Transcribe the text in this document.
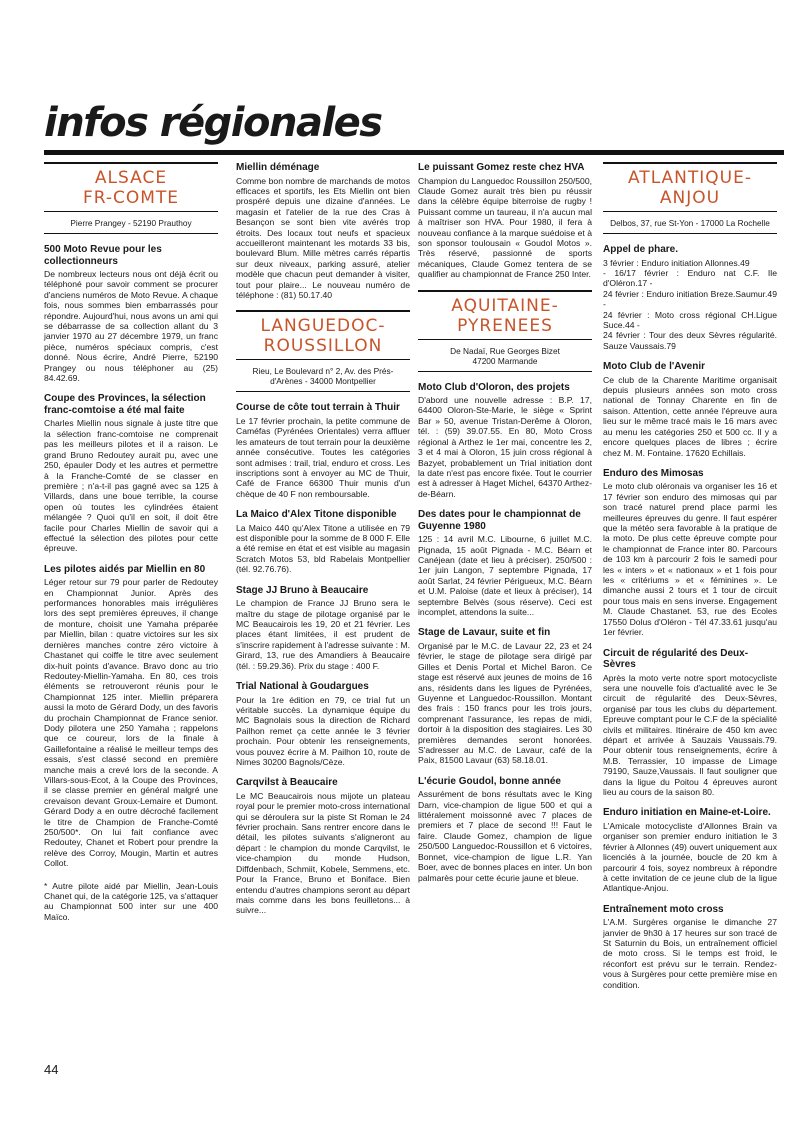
infos régionales
ALSACE
FR-COMTE
Pierre Prangey - 52190 Prauthoy
500 Moto Revue pour les collectionneurs
De nombreux lecteurs nous ont déjà écrit ou téléphoné pour savoir comment se procurer d'anciens numéros de Moto Revue. A chaque fois, nous sommes bien embarrassés pour répondre. Aujourd'hui, nous avons un ami qui se débarrasse de sa collection allant du 3 janvier 1970 au 27 décembre 1979, un franc pièce, numéros spéciaux compris, c'est donné. Nous écrire, André Pierre, 52190 Prangey ou nous téléphoner au (25) 84.42.69.
Coupe des Provinces, la sélection franc-comtoise a été mal faite
Charles Miellin nous signale à juste titre que la sélection franc-comtoise ne comprenait pas les meilleurs pilotes et il a raison. Le grand Bruno Redoutey aurait pu, avec une 250, épauler Dody et les autres et permettre à la Franche-Comté de se classer en première ; n'a-t-il pas gagné avec sa 125 à Villards, dans une boue terrible, la course open où toutes les cylindrées étaient mélangée ? Quoi qu'il en soit, il doit être facile pour Charles Miellin de savoir qui a effectué la sélection des pilotes pour cette épreuve.
Les pilotes aidés par Miellin en 80
Léger retour sur 79 pour parler de Redoutey en Championnat Junior. Après des performances honorables mais irrégulières lors des sept premières épreuves, il change de monture, choisit une Yamaha préparée par Miellin, bilan : quatre victoires sur les six dernières manches contre zéro victoire à Chastanet qui coiffe le titre avec seulement dix-huit points d'avance. Bravo donc au trio Redoutey-Miellin-Yamaha. En 80, ces trois éléments se retrouveront réunis pour le Championnat 125 inter. Miellin préparera aussi la moto de Gérard Dody, un des favoris du prochain Championnat de France senior. Dody pilotera une 250 Yamaha ; rappelons que ce coureur, lors de la finale à Gaillefontaine a réalisé le meilleur temps des essais, s'est classé second en première manche mais a crevé lors de la seconde. A Villars-sous-Ecot, à la Coupe des Provinces, il se classe premier en général malgré une crevaison devant Groux-Lemaire et Dumont. Gérard Dody a en outre décroché facilement le titre de Champion de Franche-Comté 250/500*. On lui fait confiance avec Redoutey, Chanet et Robert pour prendre la relève des Corroy, Mougin, Martin et autres Collot.
* Autre pilote aidé par Miellin, Jean-Louis Chanet qui, de la catégorie 125, va s'attaquer au Championnat 500 inter sur une 400 Maïco.
Miellin déménage
Comme bon nombre de marchands de motos efficaces et sportifs, les Ets Miellin ont bien prospéré depuis une dizaine d'années. Le magasin et l'atelier de la rue des Cras à Besançon se sont bien vite avérés trop étroits. Des locaux tout neufs et spacieux accueilleront maintenant les motards 33 bis, boulevard Blum. Mille mètres carrés répartis sur deux niveaux, parking assuré, atelier modèle que chacun peut demander à visiter, tout pour plaire... Le nouveau numéro de téléphone : (81) 50.17.40
LANGUEDOC-
ROUSSILLON
Rieu, Le Boulevard n° 2, Av. des Prés-
d'Arènes - 34000 Montpellier
Course de côte tout terrain à Thuir
Le 17 février prochain, la petite commune de Caméfas (Pyrénées Orientales) verra affluer les amateurs de tout terrain pour la deuxième année consécutive. Toutes les catégories sont admises : trail, trial, enduro et cross. Les inscriptions sont à envoyer au MC de Thuir, Café de France 66300 Thuir munis d'un chèque de 40 F non remboursable.
La Maico d'Alex Titone disponible
La Maico 440 qu'Alex Titone a utilisée en 79 est disponible pour la somme de 8 000 F. Elle a été remise en état et est visible au magasin Scratch Motos 53, bld Rabelais Montpellier (tél. 92.76.76).
Stage JJ Bruno à Beaucaire
Le champion de France JJ Bruno sera le maître du stage de pilotage organisé par le MC Beaucairois les 19, 20 et 21 février. Les places étant limitées, il est prudent de s'inscrire rapidement à l'adresse suivante : M. Girard, 13, rue des Amandiers à Beaucaire (tél. : 59.29.36). Prix du stage : 400 F.
Trial National à Goudargues
Pour la 1re édition en 79, ce trial fut un véritable succès. La dynamique équipe du MC Bagnolais sous la direction de Richard Pailhon remet ça cette année le 3 février prochain. Pour obtenir les renseignements, vous pouvez écrire à M. Pailhon 10, route de Nimes 30200 Bagnols/Cèze.
Carqvilst à Beaucaire
Le MC Beaucairois nous mijote un plateau royal pour le premier moto-cross international qui se déroulera sur la piste St Roman le 24 février prochain. Sans rentrer encore dans le détail, les pilotes suivants s'aligneront au départ : le champion du monde Carqvilst, le vice-champion du monde Hudson, Diffdenbach, Schmiit, Kobele, Semmens, etc. Pour la France, Bruno et Boniface. Bien entendu d'autres champions seront au départ mais comme dans les bons feuilletons... à suivre...
Le puissant Gomez reste chez HVA
Champion du Languedoc Roussillon 250/500, Claude Gomez aurait très bien pu réussir dans la célèbre équipe biterroise de rugby ! Puissant comme un taureau, il n'a aucun mal à maîtriser son HVA. Pour 1980, il fera à nouveau confiance à la marque suédoise et à son sponsor toulousain « Goudol Motos ». Très réservé, passionné de sports mécaniques, Claude Gomez tentera de se qualifier au championnat de France 250 Inter.
AQUITAINE-
PYRENEES
De Nadaï, Rue Georges Bizet
47200 Marmande
Moto Club d'Oloron, des projets
D'abord une nouvelle adresse : B.P. 17, 64400 Oloron-Ste-Marie, le siège « Sprint Bar » 50, avenue Tristan-Derême à Oloron, tél. : (59) 39.07.55. En 80, Moto Cross régional à Arthez le 1er mai, concentre les 2, 3 et 4 mai à Oloron, 15 juin cross régional à Bazyet, probablement un Trial initiation dont la date n'est pas encore fixée. Tout le courrier est à adresser à Haget Michel, 64370 Arthez-de-Béarn.
Des dates pour le championnat de Guyenne 1980
125 : 14 avril M.C. Libourne, 6 juillet M.C. Pignada, 15 août Pignada - M.C. Béarn et Canéjean (date et lieu à préciser). 250/500 : 1er juin Langon, 7 septembre Pignada, 17 août Sarlat, 24 février Périgueux, M.C. Béarn et U.M. Paloise (date et lieux à préciser), 14 septembre Belvès (sous réserve). Ceci est incomplet, attendons la suite...
Stage de Lavaur, suite et fin
Organisé par le M.C. de Lavaur 22, 23 et 24 février, le stage de pilotage sera dirigé par Gilles et Denis Portal et Michel Baron. Ce stage est réservé aux jeunes de moins de 16 ans, résidents dans les ligues de Pyrénées, Guyenne et Languedoc-Roussillon. Montant des frais : 150 francs pour les trois jours, comprenant l'assurance, les repas de midi, dortoir à la disposition des stagiaires. Les 30 premières demandes seront honorées. S'adresser au M.C. de Lavaur, café de la Paix, 81500 Lavaur (63) 58.18.01.
L'écurie Goudol, bonne année
Assurément de bons résultats avec le King Darn, vice-champion de ligue 500 et qui a littéralement moissonné avec 7 places de premiers et 7 place de second !!! Faut le faire. Claude Gomez, champion de ligue 250/500 Languedoc-Roussillon et 6 victoires, Bonnet, vice-champion de ligue L.R. Yan Boer, avec de bonnes places en inter. Un bon palmarès pour cette écurie jaune et bleue.
ATLANTIQUE-
ANJOU
Delbos, 37, rue St-Yon - 17000 La Rochelle
Appel de phare.
3 février : Enduro initiation Allonnes.49
- 16/17 février : Enduro nat C.F. Ile d'Oléron.17 -
24 février : Enduro initiation Breze.Saumur.49 -
24 février : Moto cross régional CH.Ligue Suce.44 -
24 février : Tour des deux Sèvres régularité. Sauze Vaussais.79
Moto Club de l'Avenir
Ce club de la Charente Maritime organisait depuis plusieurs années son moto cross national de Tonnay Charente en fin de saison. Attention, cette année l'épreuve aura lieu sur le même tracé mais le 16 mars avec au menu les catégories 250 et 500 cc. Il y a encore quelques places de libres ; écrire chez M. M. Fontaine. 17620 Echillais.
Enduro des Mimosas
Le moto club oléronais va organiser les 16 et 17 février son enduro des mimosas qui par son tracé naturel prend place parmi les meilleures épreuves du genre. Il faut espérer que la météo sera favorable à la pratique de la moto. De plus cette épreuve compte pour le championnat de France inter 80. Parcours de 103 km à parcourir 2 fois le samedi pour les « inters » et « nationaux » et 1 fois pour les « critériums » et « féminines ». Le dimanche aussi 2 tours et 1 tour de circuit pour tous mais en sens inverse. Engagement M. Claude Chastanet. 53, rue des Ecoles 17550 Dolus d'Oléron - Tél 47.33.61 jusqu'au 1er février.
Circuit de régularité des Deux-Sèvres
Après la moto verte notre sport motocycliste sera une nouvelle fois d'actualité avec le 3e circuit de régularité des Deux-Sèvres, organisé par tous les clubs du département. Epreuve comptant pour le C.F de la spécialité civils et militaires. Itinéraire de 450 km avec départ et arrivée à Sauzais Vaussais.79. Pour obtenir tous renseignements, écrire à M.B. Terrassier, 10 impasse de Limage 79190, Sauze,Vaussais. Il faut souligner que dans la ligue du Poitou 4 épreuves auront lieu au cours de la saison 80.
Enduro initiation en Maine-et-Loire.
L'Amicale motocycliste d'Allonnes Brain va organiser son premier enduro initiation le 3 février à Allonnes (49) ouvert uniquement aux licenciés à la journée, boucle de 20 km à parcourir 4 fois, soyez nombreux à répondre à cette invitation de ce jeune club de la ligue Atlantique-Anjou.
Entraînement moto cross
L'A.M. Surgères organise le dimanche 27 janvier de 9h30 à 17 heures sur son tracé de St Saturnin du Bois, un entraînement officiel de moto cross. Si le temps est froid, le réconfort est prévu sur le terrain. Rendez-vous à Surgères pour cette première mise en condition.
44
